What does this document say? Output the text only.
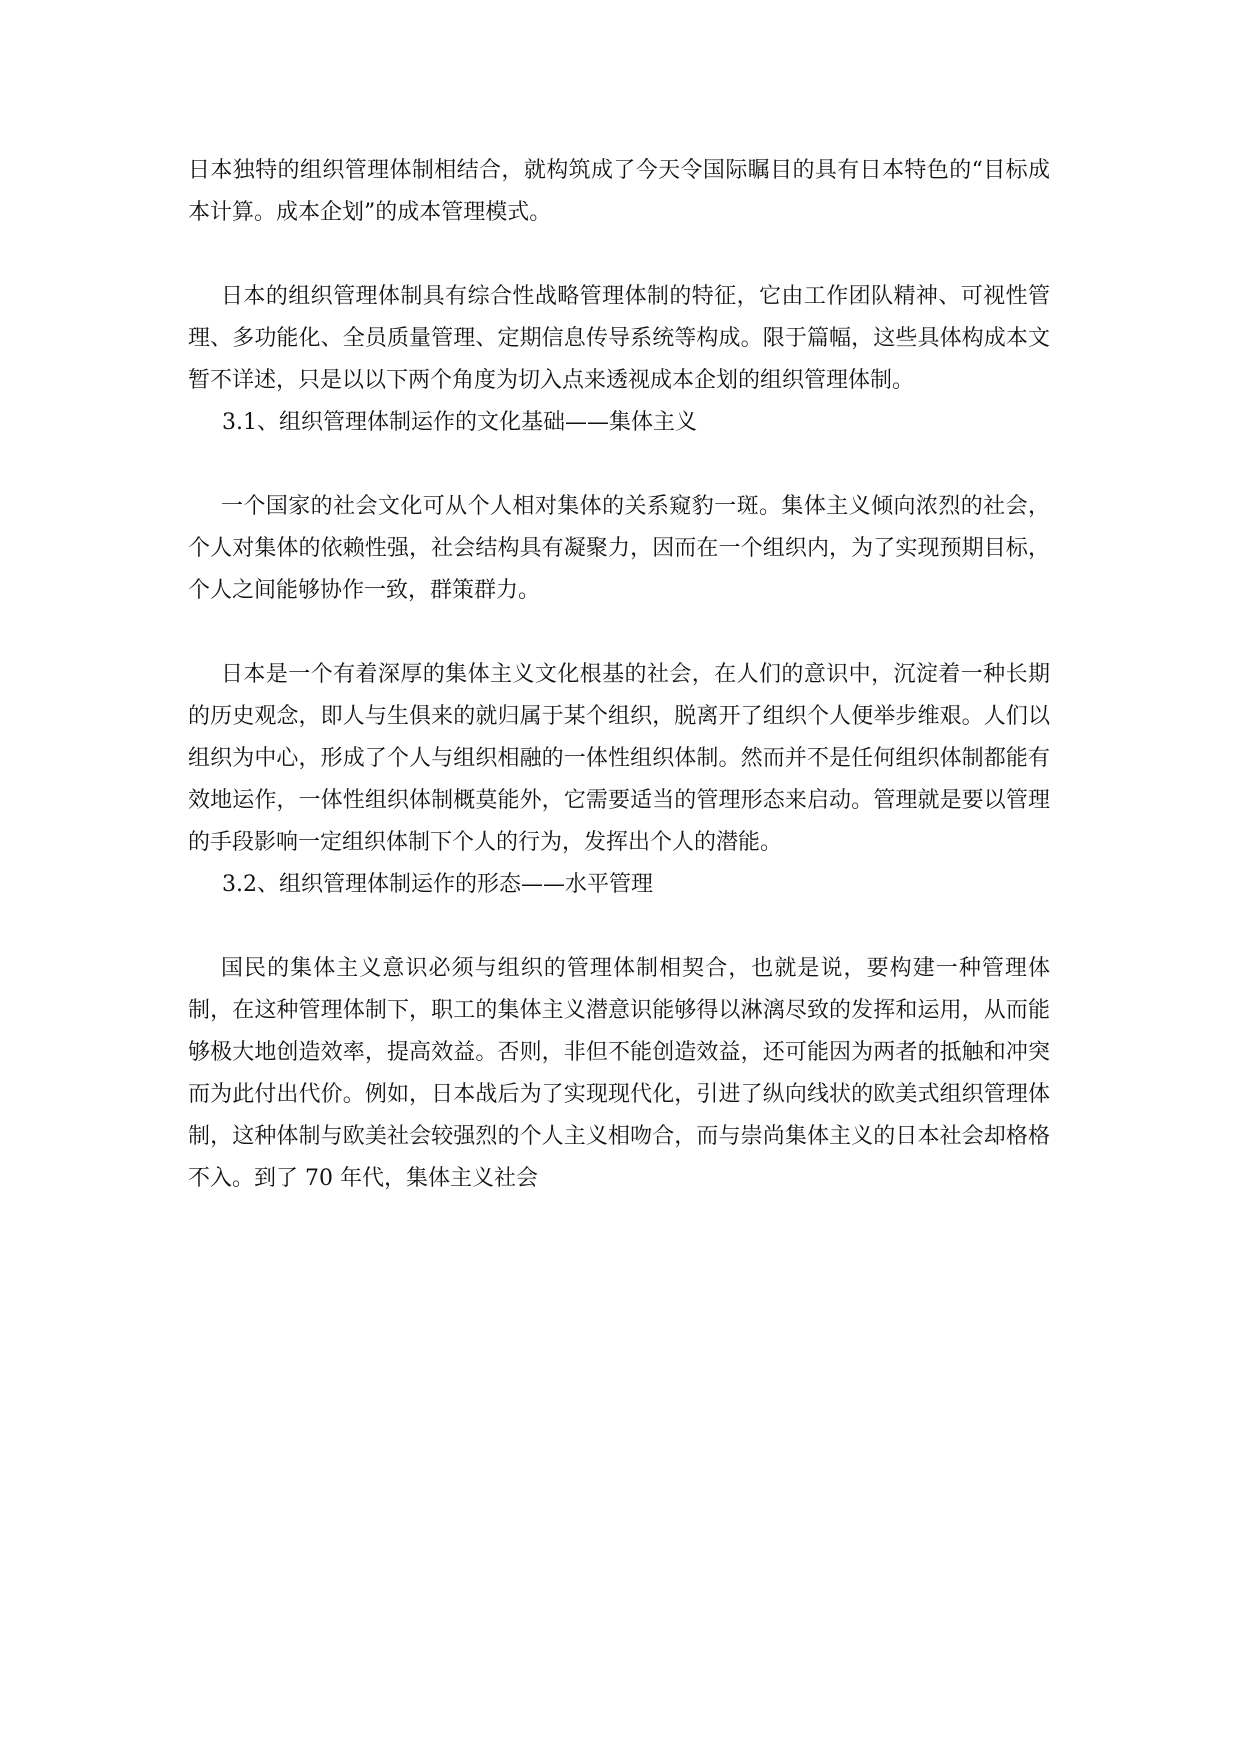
日本独特的组织管理体制相结合，就构筑成了今天令国际瞩目的具有日本特色的“目标成本计算。成本企划”的成本管理模式。

日本的组织管理体制具有综合性战略管理体制的特征，它由工作团队精神、可视性管理、多功能化、全员质量管理、定期信息传导系统等构成。限于篇幅，这些具体构成本文暂不详述，只是以以下两个角度为切入点来透视成本企划的组织管理体制。

3.1、组织管理体制运作的文化基础——集体主义

一个国家的社会文化可从个人相对集体的关系窥豹一斑。集体主义倾向浓烈的社会，个人对集体的依赖性强，社会结构具有凝聚力，因而在一个组织内，为了实现预期目标，个人之间能够协作一致，群策群力。

日本是一个有着深厚的集体主义文化根基的社会，在人们的意识中，沉淀着一种长期的历史观念，即人与生俱来的就归属于某个组织，脱离开了组织个人便举步维艰。人们以组织为中心，形成了个人与组织相融的一体性组织体制。然而并不是任何组织体制都能有效地运作，一体性组织体制概莫能外，它需要适当的管理形态来启动。管理就是要以管理的手段影响一定组织体制下个人的行为，发挥出个人的潜能。

3.2、组织管理体制运作的形态——水平管理

国民的集体主义意识必须与组织的管理体制相契合，也就是说，要构建一种管理体制，在这种管理体制下，职工的集体主义潜意识能够得以淋漓尽致的发挥和运用，从而能够极大地创造效率，提高效益。否则，非但不能创造效益，还可能因为两者的抵触和冲突而为此付出代价。例如，日本战后为了实现现代化，引进了纵向线状的欧美式组织管理体制，这种体制与欧美社会较强烈的个人主义相吻合，而与崇尚集体主义的日本社会却格格不入。到了 70 年代，集体主义社会
